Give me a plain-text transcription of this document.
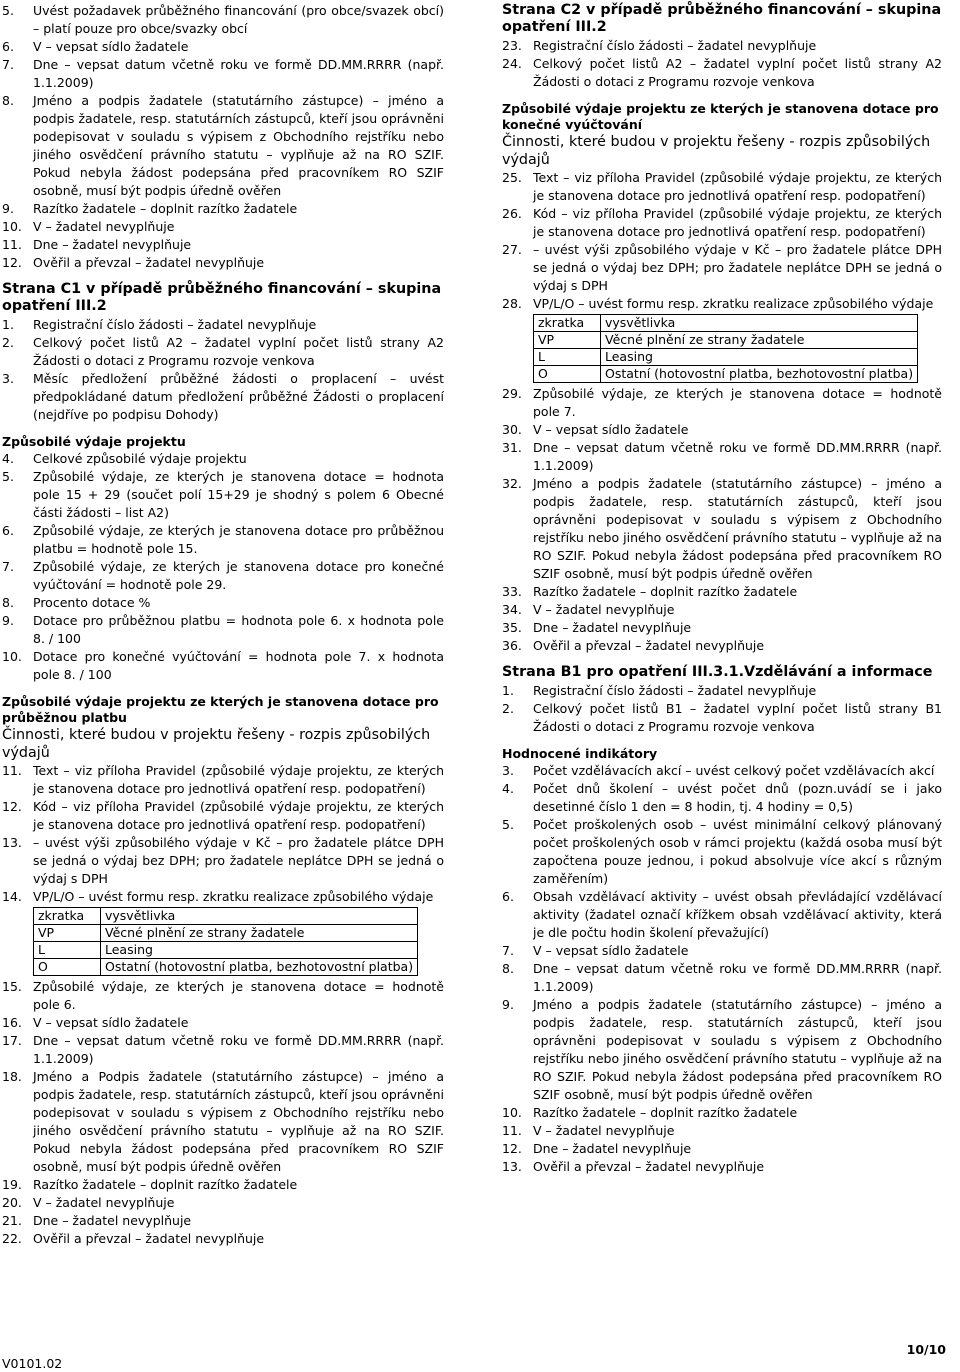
5.	Uvést požadavek průběžného financování (pro obce/svazek obcí) – platí pouze pro obce/svazky obcí
6.	V – vepsat sídlo žadatele
7.	Dne – vepsat datum včetně roku ve formě DD.MM.RRRR (např. 1.1.2009)
8.	Jméno a podpis žadatele (statutárního zástupce) – jméno a podpis žadatele, resp. statutárních zástupců, kteří jsou oprávněni podepisovat v souladu s výpisem z Obchodního rejstříku nebo jiného osvědčení právního statutu – vyplňuje až na RO SZIF. Pokud nebyla žádost podepsána před pracovníkem RO SZIF osobně, musí být podpis úředně ověřen
9.	Razítko žadatele – doplnit razítko žadatele
10. V – žadatel nevyplňuje
11. Dne – žadatel nevyplňuje
12. Ověřil a převzal – žadatel nevyplňuje
Strana C1 v případě průběžného financování – skupina opatření III.2
1.	Registrační číslo žádosti – žadatel nevyplňuje
2.	Celkový počet listů A2 – žadatel vyplní počet listů strany A2 Žádosti o dotaci z Programu rozvoje venkova
3.	Měsíc předložení průběžné žádosti o proplacení – uvést předpokládané datum předložení průběžné Žádosti o proplacení (nejdříve po podpisu Dohody)
Způsobilé výdaje projektu
4.	Celkové způsobilé výdaje projektu
5.	Způsobilé výdaje, ze kterých je stanovena dotace = hodnota pole 15 + 29 (součet polí 15+29 je shodný s polem 6 Obecné části žádosti – list A2)
6.	Způsobilé výdaje, ze kterých je stanovena dotace pro průběžnou platbu = hodnotě pole 15.
7.	Způsobilé výdaje, ze kterých je stanovena dotace pro konečné vyúčtování = hodnotě pole 29.
8.	Procento dotace %
9.	Dotace pro průběžnou platbu = hodnota pole 6. x hodnota pole 8. / 100
10. Dotace pro konečné vyúčtování = hodnota pole 7. x hodnota pole 8. / 100
Způsobilé výdaje projektu ze kterých je stanovena dotace pro průběžnou platbu
Činnosti, které budou v projektu řešeny - rozpis způsobilých výdajů
11. Text – viz příloha Pravidel (způsobilé výdaje projektu, ze kterých je stanovena dotace pro jednotlivá opatření resp. podopatření)
12. Kód – viz příloha Pravidel (způsobilé výdaje projektu, ze kterých je stanovena dotace pro jednotlivá opatření resp. podopatření)
13. – uvést výši způsobilého výdaje v Kč – pro žadatele plátce DPH se jedná o výdaj bez DPH; pro žadatele neplátce DPH se jedná o výdaj s DPH
14. VP/L/O – uvést formu resp. zkratku realizace způsobilého výdaje
zkratka	vysvětlivka
VP	Věcné plnění ze strany žadatele
L	Leasing
O	Ostatní (hotovostní platba, bezhotovostní platba)
15. Způsobilé výdaje, ze kterých je stanovena dotace = hodnotě pole 6.
16. V – vepsat sídlo žadatele
17. Dne – vepsat datum včetně roku ve formě DD.MM.RRRR (např. 1.1.2009)
18. Jméno a Podpis žadatele (statutárního zástupce) – jméno a podpis žadatele, resp. statutárních zástupců, kteří jsou oprávněni podepisovat v souladu s výpisem z Obchodního rejstříku nebo jiného osvědčení právního statutu – vyplňuje až na RO SZIF. Pokud nebyla žádost podepsána před pracovníkem RO SZIF osobně, musí být podpis úředně ověřen
19. Razítko žadatele – doplnit razítko žadatele
20. V – žadatel nevyplňuje
21. Dne – žadatel nevyplňuje
22. Ověřil a převzal – žadatel nevyplňuje
Strana C2 v případě průběžného financování – skupina opatření III.2
23. Registrační číslo žádosti – žadatel nevyplňuje
24. Celkový počet listů A2 – žadatel vyplní počet listů strany A2 Žádosti o dotaci z Programu rozvoje venkova
Způsobilé výdaje projektu ze kterých je stanovena dotace pro konečné vyúčtování
Činnosti, které budou v projektu řešeny - rozpis způsobilých výdajů
25. Text – viz příloha Pravidel (způsobilé výdaje projektu, ze kterých je stanovena dotace pro jednotlivá opatření resp. podopatření)
26. Kód – viz příloha Pravidel (způsobilé výdaje projektu, ze kterých je stanovena dotace pro jednotlivá opatření resp. podopatření)
27. – uvést výši způsobilého výdaje v Kč – pro žadatele plátce DPH se jedná o výdaj bez DPH; pro žadatele neplátce DPH se jedná o výdaj s DPH
28. VP/L/O – uvést formu resp. zkratku realizace způsobilého výdaje
zkratka	vysvětlivka
VP	Věcné plnění ze strany žadatele
L	Leasing
O	Ostatní (hotovostní platba, bezhotovostní platba)
29. Způsobilé výdaje, ze kterých je stanovena dotace = hodnotě pole 7.
30. V – vepsat sídlo žadatele
31. Dne – vepsat datum včetně roku ve formě DD.MM.RRRR (např. 1.1.2009)
32. Jméno a podpis žadatele (statutárního zástupce) – jméno a podpis žadatele, resp. statutárních zástupců, kteří jsou oprávněni podepisovat v souladu s výpisem z Obchodního rejstříku nebo jiného osvědčení právního statutu – vyplňuje až na RO SZIF. Pokud nebyla žádost podepsána před pracovníkem RO SZIF osobně, musí být podpis úředně ověřen
33. Razítko žadatele – doplnit razítko žadatele
34. V – žadatel nevyplňuje
35. Dne – žadatel nevyplňuje
36. Ověřil a převzal – žadatel nevyplňuje
Strana B1 pro opatření III.3.1.Vzdělávání a informace
1.	Registrační číslo žádosti – žadatel nevyplňuje
2.	Celkový počet listů B1 – žadatel vyplní počet listů strany B1 Žádosti o dotaci z Programu rozvoje venkova
Hodnocené indikátory
3.	Počet vzdělávacích akcí – uvést celkový počet vzdělávacích akcí
4.	Počet dnů školení – uvést počet dnů (pozn.uvádí se i jako desetinné číslo 1 den = 8 hodin, tj. 4 hodiny = 0,5)
5.	Počet proškolených osob – uvést minimální celkový plánovaný počet proškolených osob v rámci projektu (každá osoba musí být započtena pouze jednou, i pokud absolvuje více akcí s různým zaměřením)
6.	Obsah vzdělávací aktivity – uvést obsah převládající vzdělávací aktivity (žadatel označí křížkem obsah vzdělávací aktivity, která je dle počtu hodin školení převažující)
7.	V – vepsat sídlo žadatele
8.	Dne – vepsat datum včetně roku ve formě DD.MM.RRRR (např. 1.1.2009)
9.	Jméno a podpis žadatele (statutárního zástupce) – jméno a podpis žadatele, resp. statutárních zástupců, kteří jsou oprávněni podepisovat v souladu s výpisem z Obchodního rejstříku nebo jiného osvědčení právního statutu – vyplňuje až na RO SZIF. Pokud nebyla žádost podepsána před pracovníkem RO SZIF osobně, musí být podpis úředně ověřen
10. Razítko žadatele – doplnit razítko žadatele
11. V – žadatel nevyplňuje
12. Dne – žadatel nevyplňuje
13. Ověřil a převzal – žadatel nevyplňuje
V0101.02
10/10
